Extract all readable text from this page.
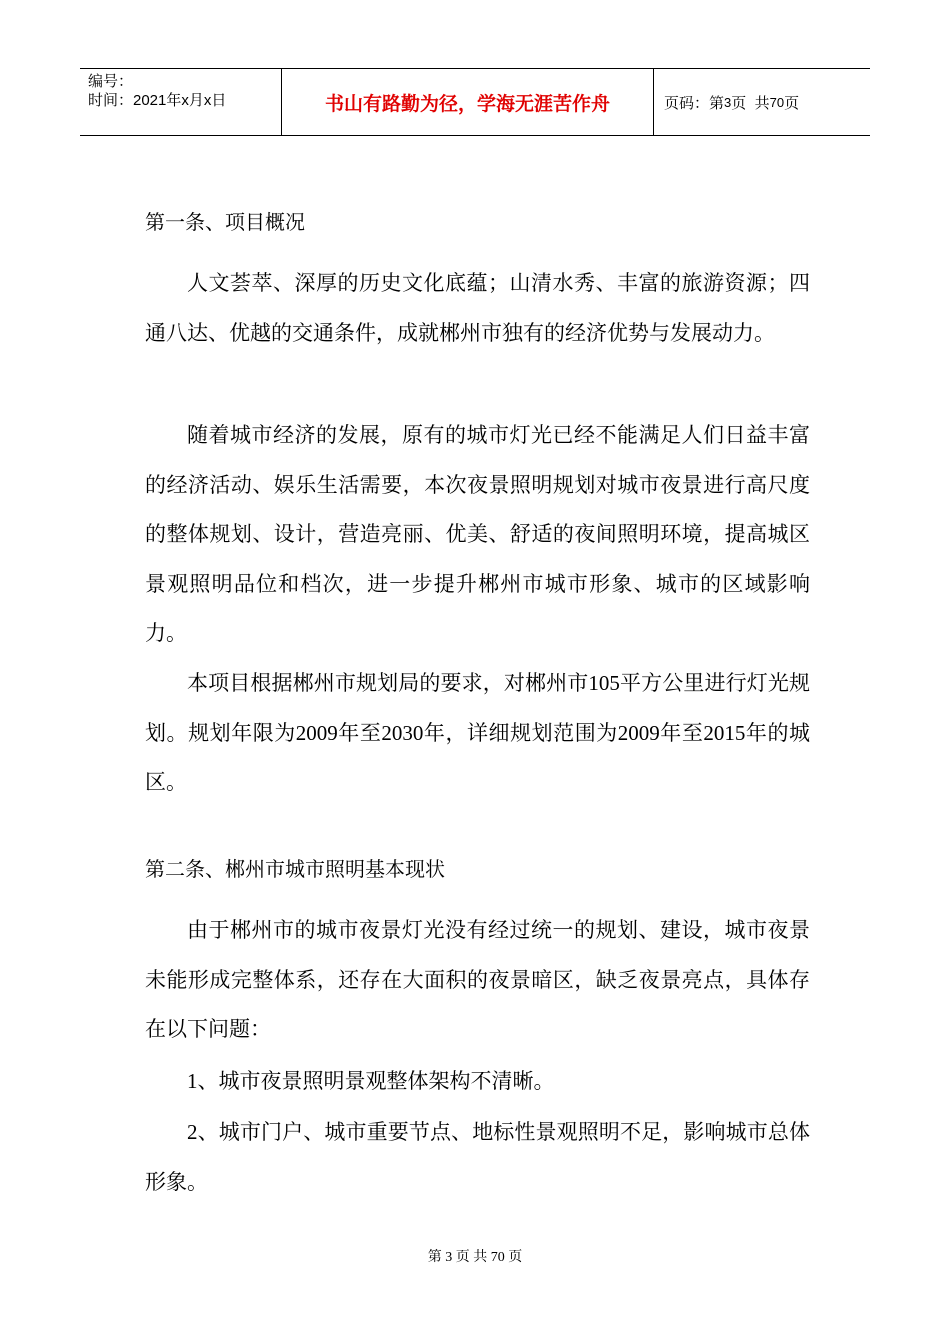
编号：
时间：2021年x月x日	书山有路勤为径，学海无涯苦作舟	页码：第 3 页  共 70 页
第一条、项目概况

人文荟萃、深厚的历史文化底蕴；山清水秀、丰富的旅游资源；四通八达、优越的交通条件，成就郴州市独有的经济优势与发展动力。

随着城市经济的发展，原有的城市灯光已经不能满足人们日益丰富的经济活动、娱乐生活需要，本次夜景照明规划对城市夜景进行高尺度的整体规划、设计，营造亮丽、优美、舒适的夜间照明环境，提高城区景观照明品位和档次，进一步提升郴州市城市形象、城市的区域影响力。

本项目根据郴州市规划局的要求，对郴州市105平方公里进行灯光规划。规划年限为2009年至2030年，详细规划范围为2009年至2015年的城区。

第二条、郴州市城市照明基本现状

由于郴州市的城市夜景灯光没有经过统一的规划、建设，城市夜景未能形成完整体系，还存在大面积的夜景暗区，缺乏夜景亮点，具体存在以下问题：

1、城市夜景照明景观整体架构不清晰。

2、城市门户、城市重要节点、地标性景观照明不足，影响城市总体形象。

第 3 页 共 70 页
